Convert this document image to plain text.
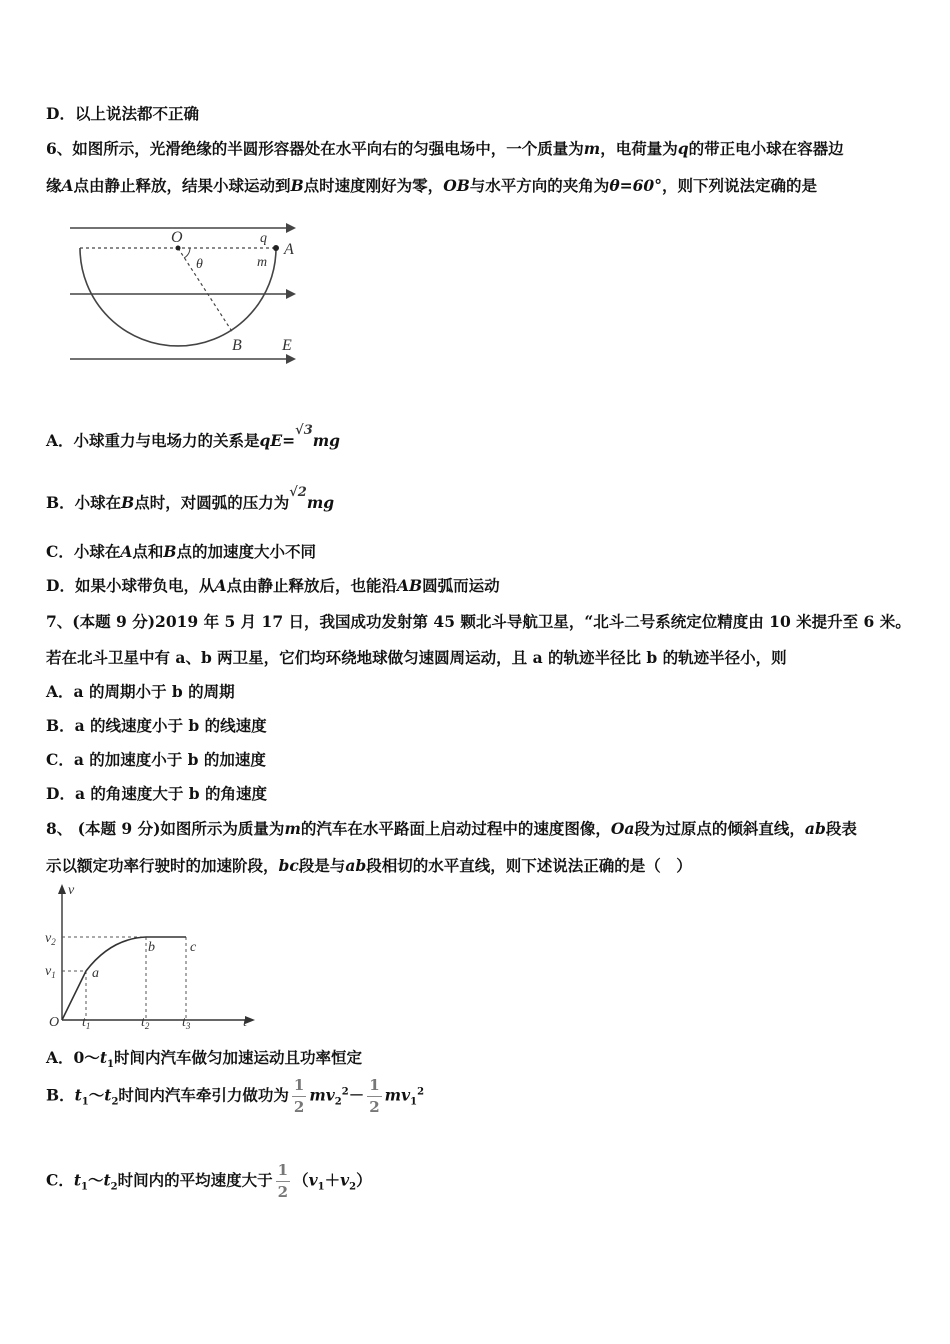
D．以上说法都不正确
6、如图所示，光滑绝缘的半圆形容器处在水平向右的匀强电场中，一个质量为m，电荷量为q的带正电小球在容器边
缘A点由静止释放，结果小球运动到B点时速度刚好为零，OB与水平方向的夹角为θ=60°，则下列说法定确的是
O	q
m
A
θ
B	E
A．小球重力与电场力的关系是qE=√3mg
B．小球在B点时，对圆弧的压力为√2mg
C．小球在A点和B点的加速度大小不同
D．如果小球带负电，从A点由静止释放后，也能沿AB圆弧而运动
7、(本题 9 分)2019 年 5 月 17 日，我国成功发射第 45 颗北斗导航卫星，“北斗二号系统定位精度由 10 米提升至 6 米。
若在北斗卫星中有 a、b 两卫星，它们均环绕地球做匀速圆周运动，且 a 的轨迹半径比 b 的轨迹半径小，则
A．a 的周期小于 b 的周期
B．a 的线速度小于 b 的线速度
C．a 的加速度小于 b 的加速度
D．a 的角速度大于 b 的角速度
8、 (本题 9 分)如图所示为质量为m的汽车在水平路面上启动过程中的速度图像，Oa段为过原点的倾斜直线，ab段表
示以额定功率行驶时的加速阶段，bc段是与ab段相切的水平直线，则下述说法正确的是（　）
v
$v_2$
$v_1$
O	t
$t_1$	$t_2$ $t_3$
a
b	c
A．$0\sim t_1$时间内汽车做匀加速运动且功率恒定
B．$t_1\sim t_2$时间内汽车牵引力做功为 $\frac{1}{2} mv_2^2- \frac{1}{2} mv_1^2$
C．$t_1\sim t_2$时间内的平均速度大于 $\frac{1}{2} (v_1+v_2)$
